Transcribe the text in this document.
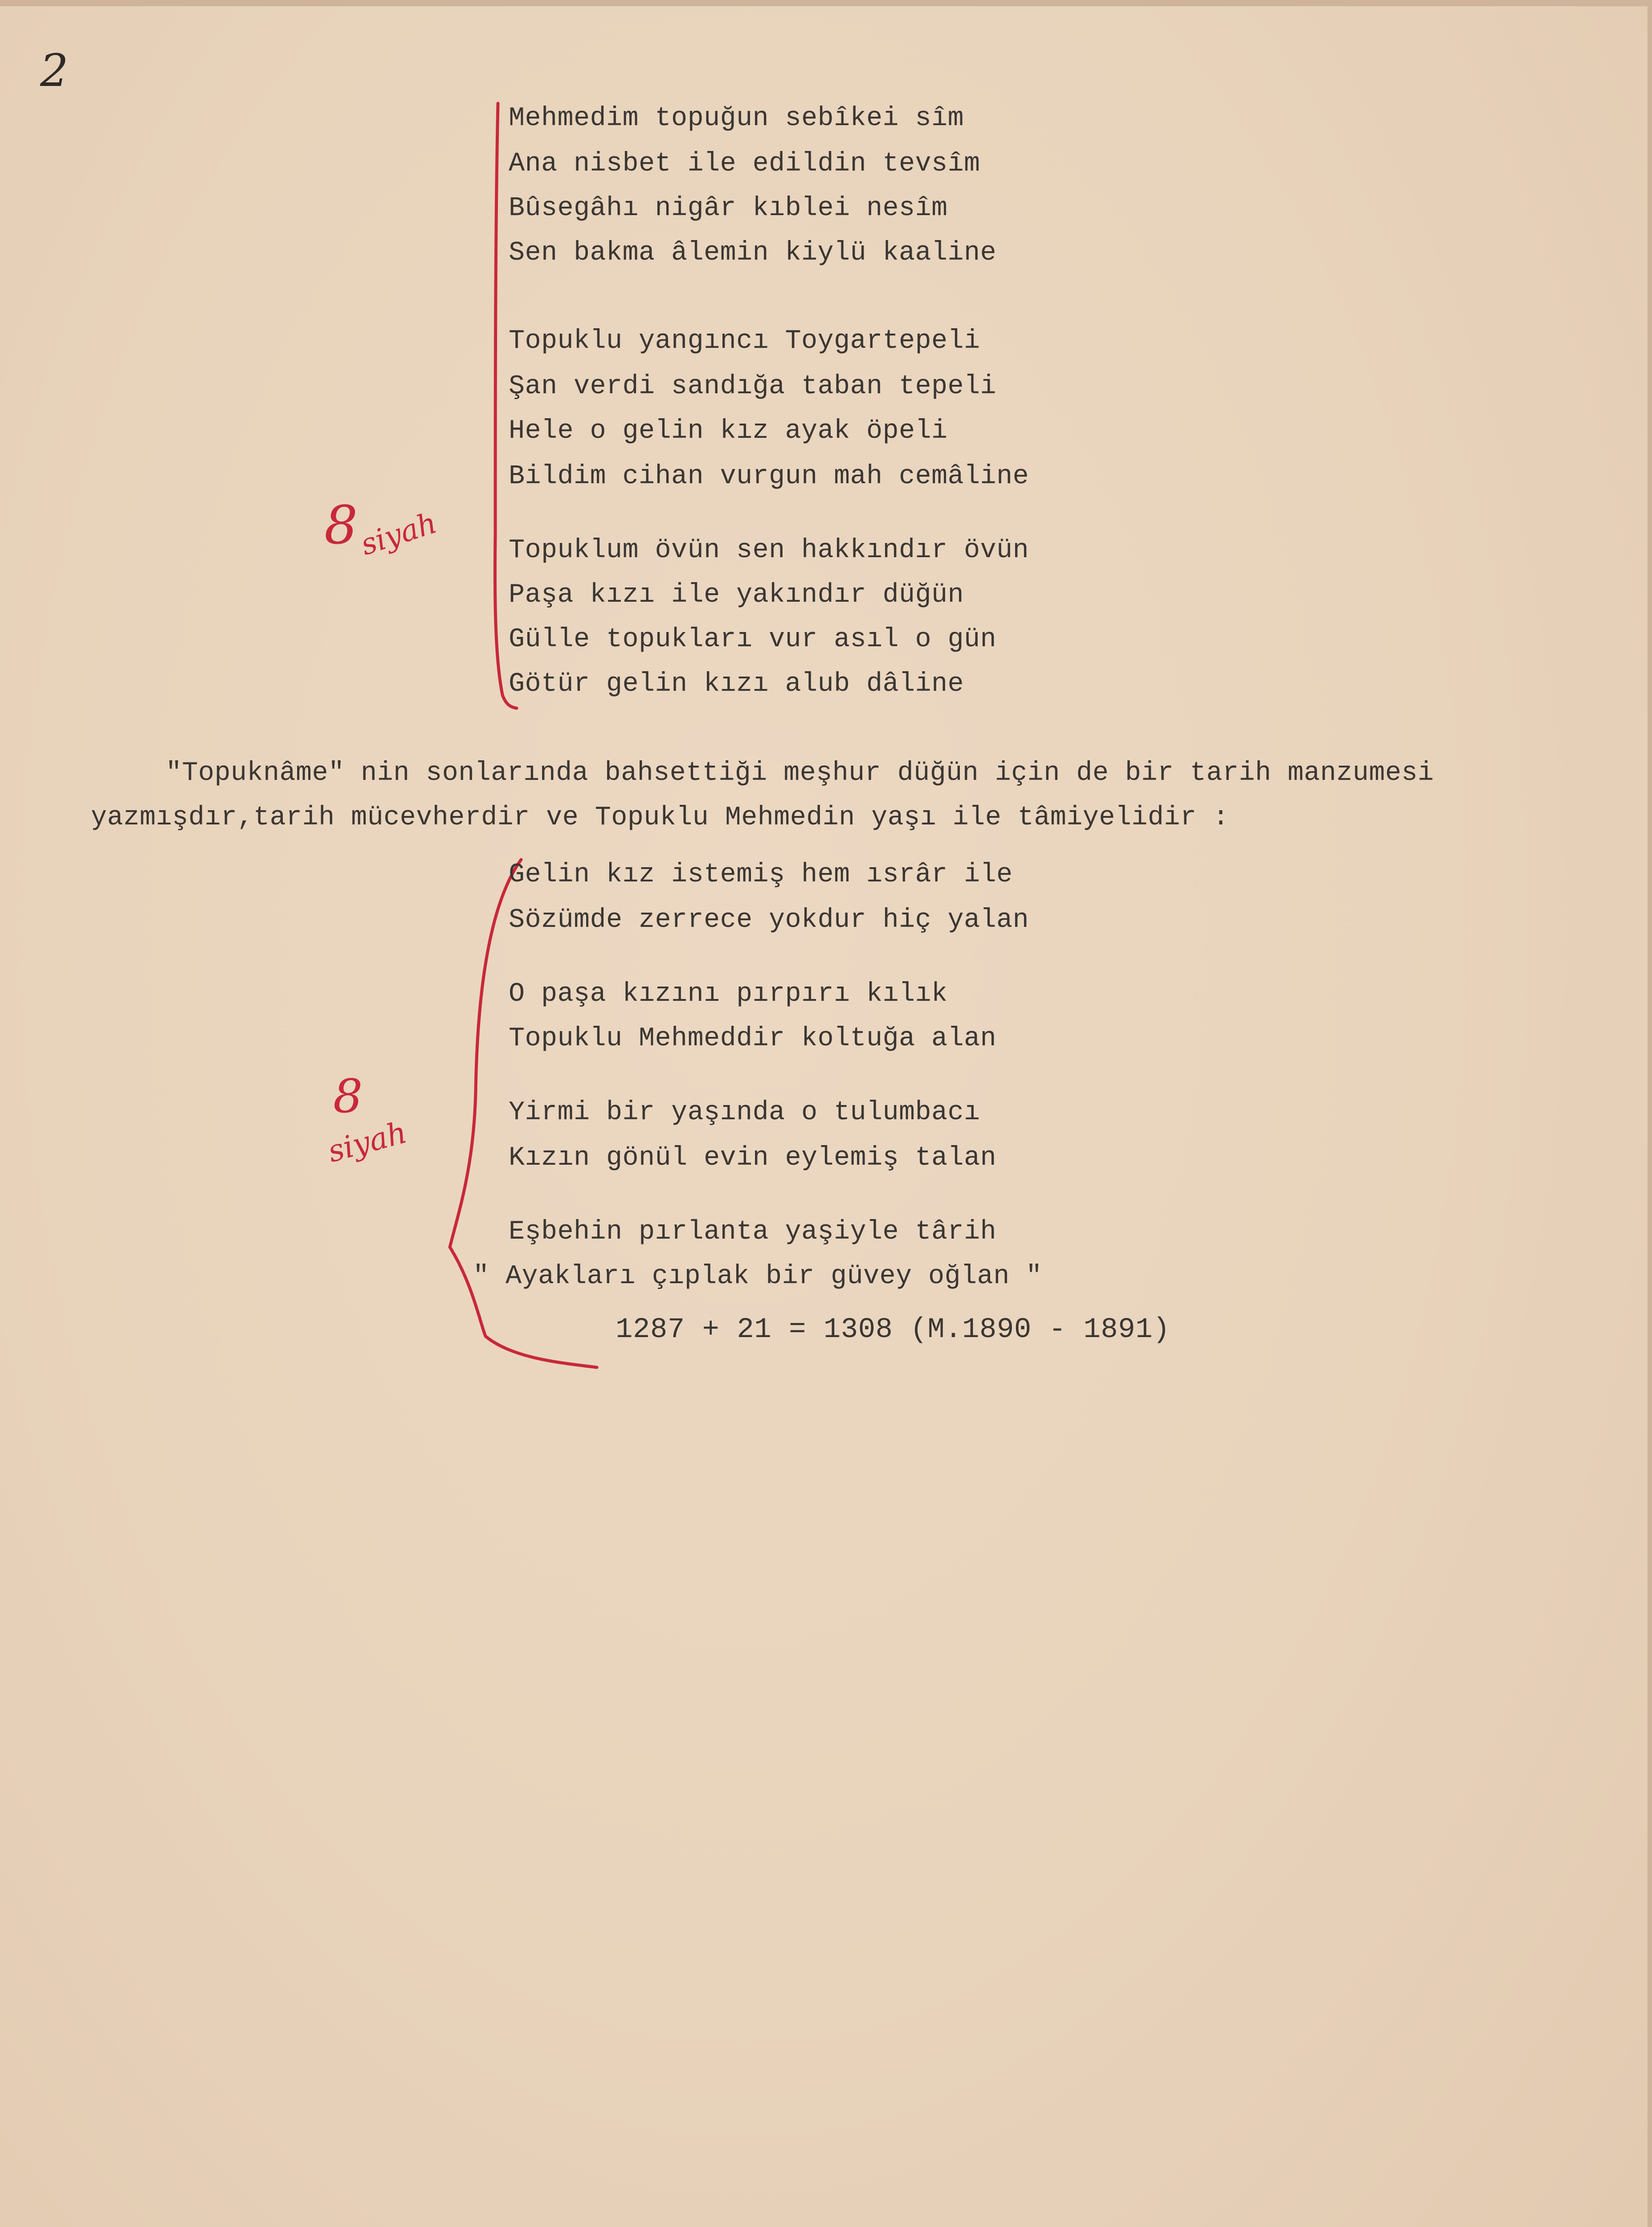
2
8
siyah
8
siyah
Mehmedim topuğun sebîkei sîm
Ana nisbet ile edildin tevsîm
Bûsegâhı nigâr kıblei nesîm
Sen bakma âlemin kiylü kaaline
Topuklu yangıncı Toygartepeli
Şan verdi sandığa taban tepeli
Hele o gelin kız ayak öpeli
Bildim cihan vurgun mah cemâline
Topuklum övün sen hakkındır övün
Paşa kızı ile yakındır düğün
Gülle topukları vur asıl o gün
Götür gelin kızı alub dâline
"Topuknâme" nin sonlarında bahsettiği meşhur düğün için de bir tarih manzumesi
yazmışdır,tarih mücevherdir ve Topuklu Mehmedin yaşı ile tâmiyelidir :
Gelin kız istemiş hem ısrâr ile
Sözümde zerrece yokdur hiç yalan
O paşa kızını pırpırı kılık
Topuklu Mehmeddir koltuğa alan
Yirmi bir yaşında o tulumbacı
Kızın gönül evin eylemiş talan
Eşbehin pırlanta yaşiyle târih
" Ayakları çıplak bir güvey oğlan "
1287 + 21 = 1308 (M.1890 - 1891)
